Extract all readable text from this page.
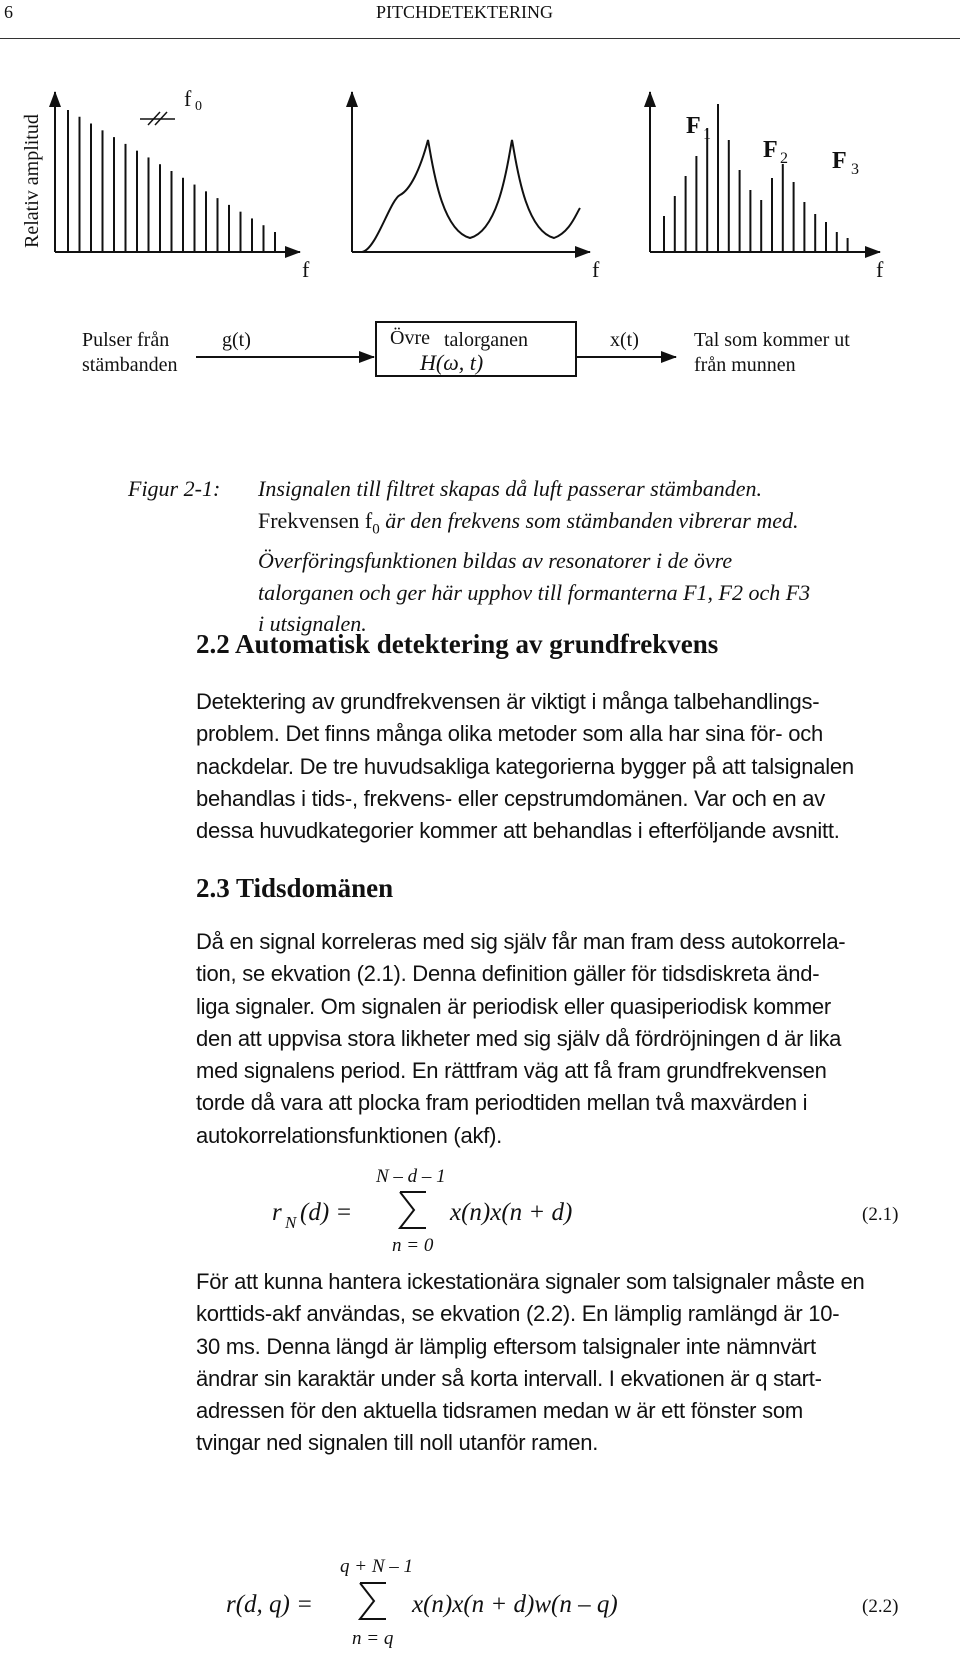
6	PITCHDETEKTERING
Relativ amplitud
f 0
f	f
F 1
F 2 F 3
f
Pulser från
stämbanden
g(t)	Övre talorganen
H(ω, t)
x(t)	Tal som kommer ut
från munnen
Figur 2-1: Insignalen till filtret skapas då luft passerar stämbanden.
Frekvensen $f_0$ är den frekvens som stämbanden vibrerar med.
Överföringsfunktionen bildas av resonatorer i de övre
talorganen och ger här upphov till formanterna F1, F2 och F3
i utsignalen.
2.2 Automatisk detektering av grundfrekvens
Detektering av grundfrekvensen är viktigt i många talbehandlings-
problem. Det finns många olika metoder som alla har sina för- och
nackdelar. De tre huvudsakliga kategorierna bygger på att talsignalen
behandlas i tids-, frekvens- eller cepstrumdomänen. Var och en av
dessa huvudkategorier kommer att behandlas i efterföljande avsnitt.
2.3 Tidsdomänen
Då en signal korreleras med sig själv får man fram dess autokorrela-
tion, se ekvation (2.1). Denna definition gäller för tidsdiskreta änd-
liga signaler. Om signalen är periodisk eller quasiperiodisk kommer
den att uppvisa stora likheter med sig själv då fördröjningen d är lika
med signalens period. En rättfram väg att få fram grundfrekvensen
torde då vara att plocka fram periodtiden mellan två maxvärden i
autokorrelationsfunktionen (akf).
N – d – 1
n = 0
r N (d) =	x(n)x(n + d)	(2.1)
För att kunna hantera ickestationära signaler som talsignaler måste en
korttids-akf användas, se ekvation (2.2). En lämplig ramlängd är 10-
30 ms. Denna längd är lämplig eftersom talsignaler inte nämnvärt
ändrar sin karaktär under så korta intervall. I ekvationen är q start-
adressen för den aktuella tidsramen medan w är ett fönster som
tvingar ned signalen till noll utanför ramen.
q + N – 1
n = q
r(d, q) =	x(n)x(n + d)w(n – q)	(2.2)
